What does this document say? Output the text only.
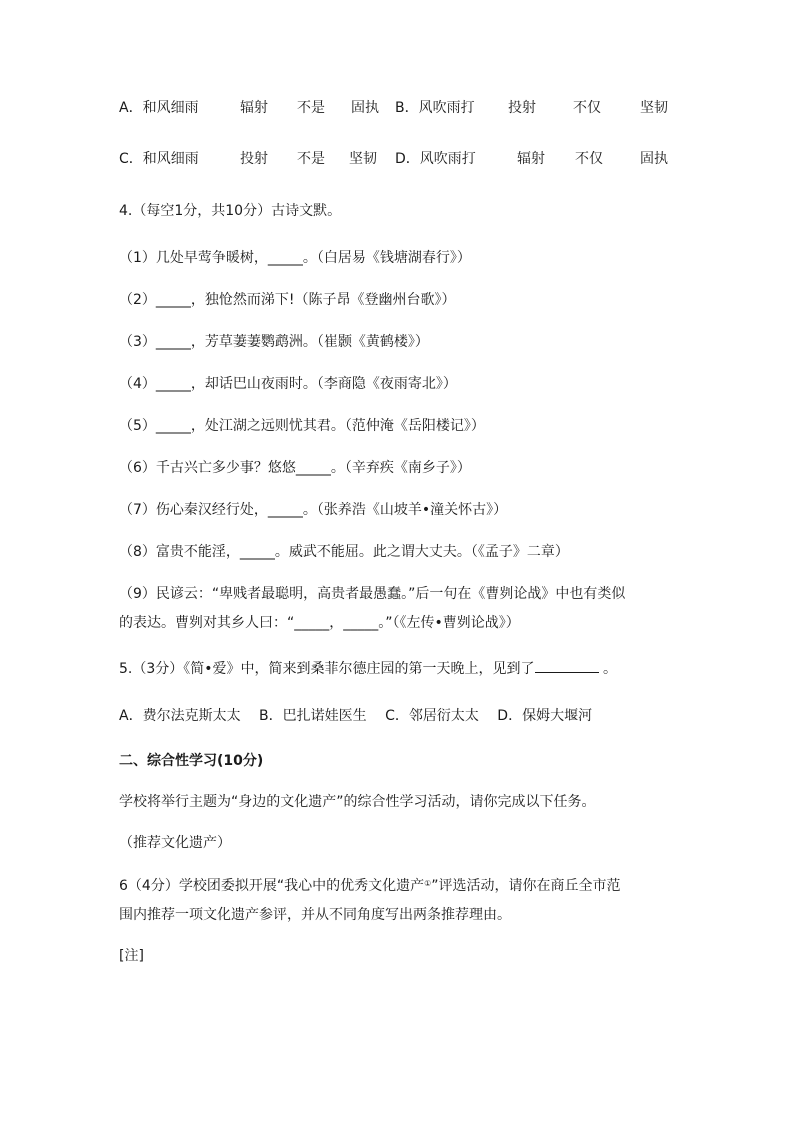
A．和风细雨	辐射 不是 固执 B．风吹雨打 投射	不仅	坚韧
C．和风细雨	投射 不是 坚韧 D．风吹雨打	辐射 不仅	固执
4.（每空1分，共10分）古诗文默。
（1）几处早莺争暖树，_____。（白居易《钱塘湖春行》）
（2）_____，独怆然而涕下!（陈子昂《登幽州台歌》）
（3）_____，芳草萋萋鹦鹉洲。（崔颢《黄鹤楼》）
（4）_____，却话巴山夜雨时。（李商隐《夜雨寄北》）
（5）_____，处江湖之远则忧其君。（范仲淹《岳阳楼记》）
（6）千古兴亡多少事？悠悠_____。（辛弃疾《南乡子》）
（7）伤心秦汉经行处，_____。（张养浩《山坡羊•潼关怀古》）
（8）富贵不能淫，_____。威武不能屈。此之谓大丈夫。（《孟子》二章）
（9）民谚云：“卑贱者最聪明，高贵者最愚蠢。”后一句在《曹刿论战》中也有类似
的表达。曹刿对其乡人曰：“_____，_____。”（《左传•曹刿论战》）
5.（3分）《简•爱》中，简来到桑菲尔德庄园的第一天晚上，见到了	。
A．费尔法克斯太太　 B．巴扎诺娃医生　 C．邻居衍太太　 D．保姆大堰河
二、综合性学习(10分)
学校将举行主题为“身边的文化遗产”的综合性学习活动，请你完成以下任务。
（推荐文化遗产）
6（4分）学校团委拟开展“我心中的优秀文化遗产①”评选活动，请你在商丘全市范
围内推荐一项文化遗产参评，并从不同角度写出两条推荐理由。
[注]
